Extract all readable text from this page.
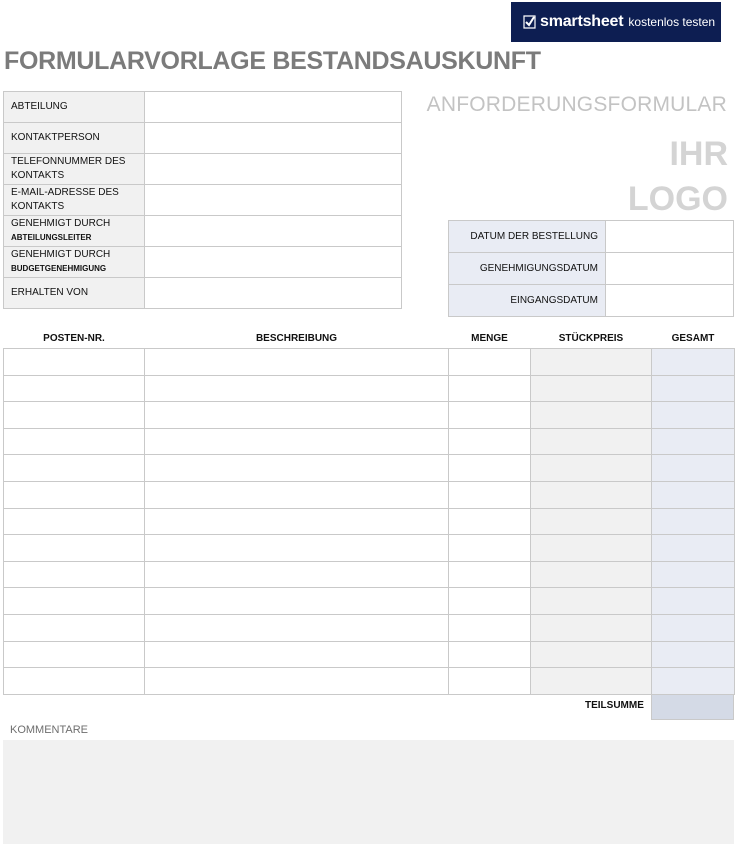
smartsheet kostenlos testen
FORMULARVORLAGE BESTANDSAUSKUNFT
ABTEILUNG	
KONTAKTPERSON	
TELEFONNUMMER DES KONTAKTS	
E-MAIL-ADRESSE DES KONTAKTS	
GENEHMIGT DURCH
ABTEILUNGSLEITER	
GENEHMIGT DURCH
BUDGETGENEHMIGUNG	
ERHALTEN VON	
ANFORDERUNGSFORMULAR
IHR
LOGO
DATUM DER BESTELLUNG	
GENEHMIGUNGSDATUM	
EINGANGSDATUM	
POSTEN-NR.	BESCHREIBUNG	MENGE	STÜCKPREIS	GESAMT

TEILSUMME
KOMMENTARE
